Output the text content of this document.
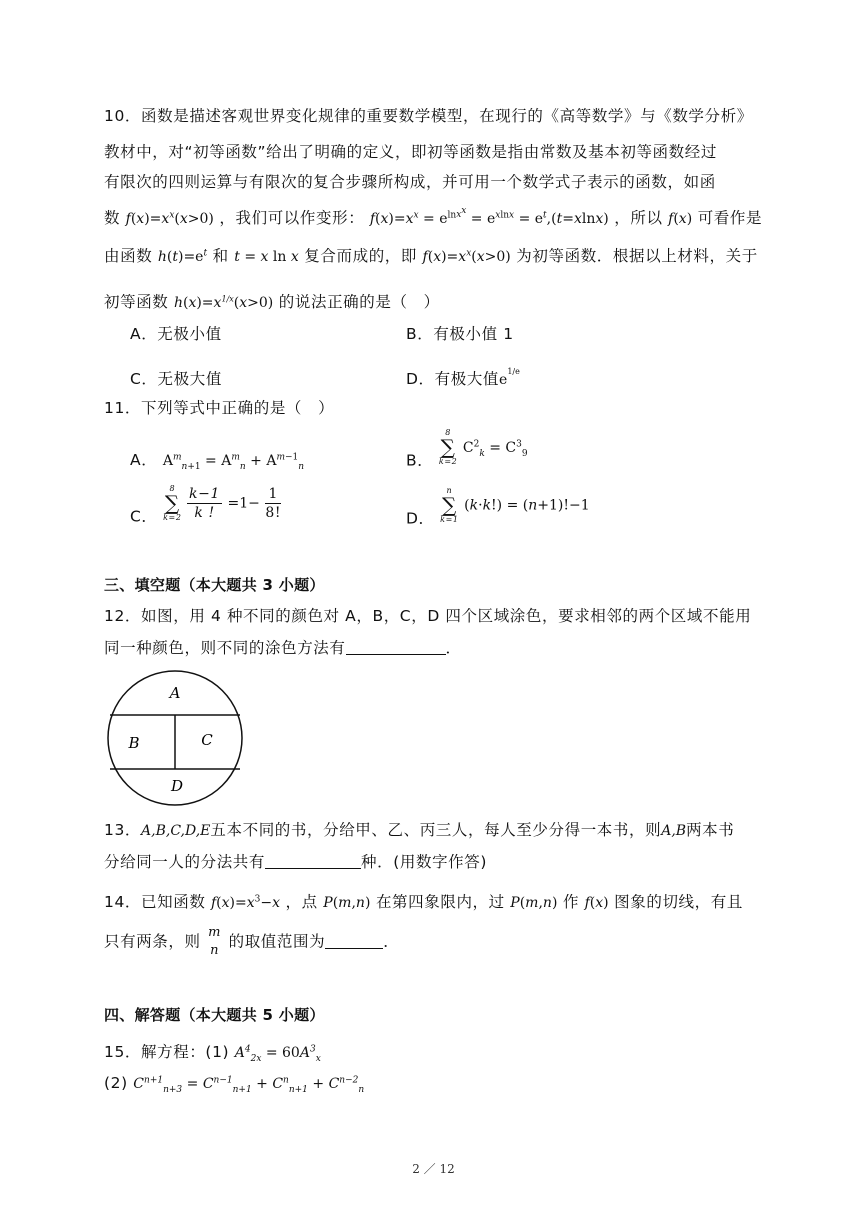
10．函数是描述客观世界变化规律的重要数学模型，在现行的《高等数学》与《数学分析》
教材中，对“初等函数”给出了明确的定义，即初等函数是指由常数及基本初等函数经过
有限次的四则运算与有限次的复合步骤所构成，并可用一个数学式子表示的函数，如函
数 $f(x)=x^x(x>0)$ ，我们可以作变形： $f(x)=x^x = e^{lnx^x} = e^{xlnx} = e^t,(t=xlnx)$ ，所以 f(x) 可看作是
由函数 $h(t)=e^t$ 和 t = x ln x 复合而成的，即 $f(x)=x^x(x>0)$ 为初等函数．根据以上材料，关于
初等函数 $h(x)=x^{1/x}(x>0)$ 的说法正确的是（　）
A．无极小值	B．有极小值 1
C．无极大值	D．有极大值$e^{1/e}$
11．下列等式中正确的是（　）
A． $A^m_{n+1} = A^m_n + A^{m-1}_n$	B．
8
∑
k=2
$C^2_k = C^3_9$
C．
8
∑
k=2
$\frac{k-1}{k !} =1- \frac{1}{8!}$	D．
n
∑
k=1
(k·k!) = (n+1)!−1
三、填空题（本大题共 3 小题）
12．如图，用 4 种不同的颜色对 A，B，C，D 四个区域涂色，要求相邻的两个区域不能用
同一种颜色，则不同的涂色方法有	．
A
B	C
D
13．A,B,C,D,E五本不同的书，分给甲、乙、丙三人，每人至少分得一本书，则A,B两本书
分给同一人的分法共有	种．(用数字作答)
14．已知函数 $f(x)=x^3-x$ ，点 P(m,n) 在第四象限内，过 P(m,n) 作 f(x) 图象的切线，有且
只有两条，则 m
n 的取值范围为	．
四、解答题（本大题共 5 小题）
15．解方程：(1) $A^4_{2x} = 60A^3_x$
(2) $C^{n+1}_{n+3} = C^{n-1}_{n+1} + C^n_{n+1} + C^{n-2}_n$
2 ／ 12
